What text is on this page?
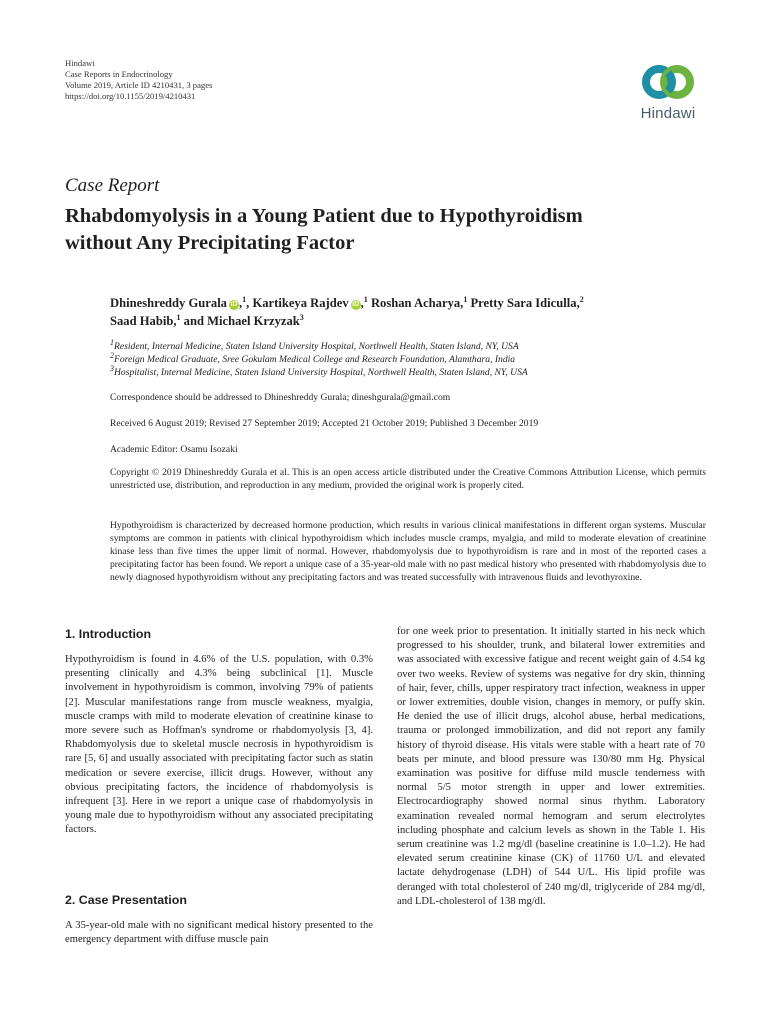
Hindawi
Case Reports in Endocrinology
Volume 2019, Article ID 4210431, 3 pages
https://doi.org/10.1155/2019/4210431
Hindawi
Case Report
Rhabdomyolysis in a Young Patient due to Hypothyroidism
without Any Precipitating Factor
Dhineshreddy Gurala iD ,$^1$, Kartikeya Rajdev iD ,$^1$ Roshan Acharya,$^1$ Pretty Sara Idiculla,$^2$
Saad Habib,$^1$ and Michael Krzyzak$^3$
$^1$Resident, Internal Medicine, Staten Island University Hospital, Northwell Health, Staten Island, NY, USA
$^2$Foreign Medical Graduate, Sree Gokulam Medical College and Research Foundation, Alamthara, India
$^3$Hospitalist, Internal Medicine, Staten Island University Hospital, Northwell Health, Staten Island, NY, USA
Correspondence should be addressed to Dhineshreddy Gurala; dineshgurala@gmail.com
Received 6 August 2019; Revised 27 September 2019; Accepted 21 October 2019; Published 3 December 2019
Academic Editor: Osamu Isozaki
Copyright © 2019 Dhineshreddy Gurala et al. This is an open access article distributed under the Creative Commons Attribution License, which permits unrestricted use, distribution, and reproduction in any medium, provided the original work is properly cited.
Hypothyroidism is characterized by decreased hormone production, which results in various clinical manifestations in different organ systems. Muscular symptoms are common in patients with clinical hypothyroidism which includes muscle cramps, myalgia, and mild to moderate elevation of creatinine kinase less than five times the upper limit of normal. However, rhabdomyolysis due to hypothyroidism is rare and in most of the reported cases a precipitating factor has been found. We report a unique case of a 35-year-old male with no past medical history who presented with rhabdomyolysis due to newly diagnosed hypothyroidism without any precipitating factors and was treated successfully with intravenous fluids and levothyroxine.
1. Introduction
Hypothyroidism is found in 4.6% of the U.S. population, with 0.3% presenting clinically and 4.3% being subclinical [1]. Muscle involvement in hypothyroidism is common, involving 79% of patients [2]. Muscular manifestations range from muscle weakness, myalgia, muscle cramps with mild to moderate elevation of creatinine kinase to more severe such as Hoffman's syndrome or rhabdomyolysis [3, 4]. Rhabdomyolysis due to skeletal muscle necrosis in hypothyroidism is rare [5, 6] and usually associated with precipitating factor such as statin medication or severe exercise, illicit drugs. However, without any obvious precipitating factors, the incidence of rhabdomyolysis is infrequent [3]. Here in we report a unique case of rhabdomyolysis in young male due to hypothyroidism without any associated precipitating factors.
2. Case Presentation
A 35-year-old male with no significant medical history presented to the emergency department with diffuse muscle pain
for one week prior to presentation. It initially started in his neck which progressed to his shoulder, trunk, and bilateral lower extremities and was associated with excessive fatigue and recent weight gain of 4.54 kg over two weeks. Review of systems was negative for dry skin, thinning of hair, fever, chills, upper respiratory tract infection, weakness in upper or lower extremities, double vision, changes in memory, or puffy skin. He denied the use of illicit drugs, alcohol abuse, herbal medications, trauma or prolonged immobilization, and did not report any family history of thyroid disease. His vitals were stable with a heart rate of 70 beats per minute, and blood pressure was 130/80 mm Hg. Physical examination was positive for diffuse mild muscle tenderness with normal 5/5 motor strength in upper and lower extremities. Electrocardiography showed normal sinus rhythm. Laboratory examination revealed normal hemogram and serum electrolytes including phosphate and calcium levels as shown in the Table 1. His serum creatinine was 1.2 mg/dl (baseline creatinine is 1.0–1.2). He had elevated serum creatinine kinase (CK) of 11760 U/L and elevated lactate dehydrogenase (LDH) of 544 U/L. His lipid profile was deranged with total cholesterol of 240 mg/dl, triglyceride of 284 mg/dl, and LDL-cholesterol of 138 mg/dl.
